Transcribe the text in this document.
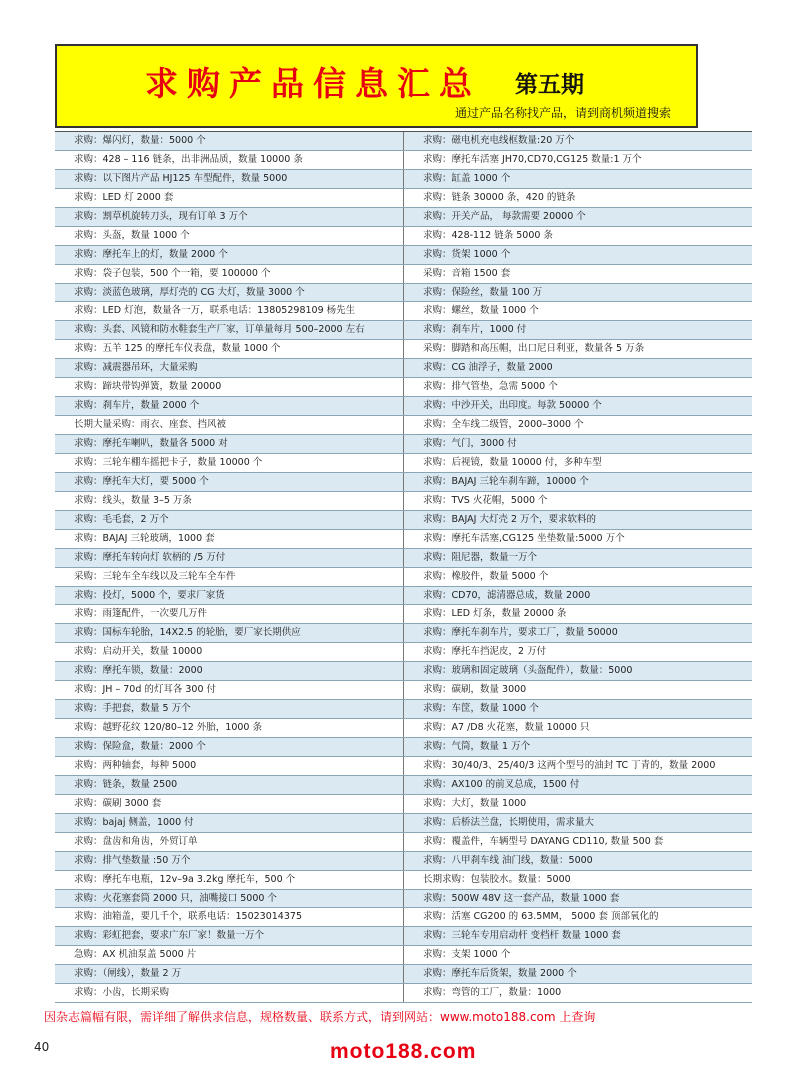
求购产品信息汇总 第五期
通过产品名称找产品，请到商机频道搜索
求购：爆闪灯，数量：5000 个	求购：磁电机充电线框数量:20 万个
求购：428 – 116 链条，出非洲品质，数量 10000 条	求购：摩托车活塞 JH70,CD70,CG125 数量:1 万个
求购：以下图片产品 HJ125 车型配件，数量 5000	求购：缸盖 1000 个
求购：LED 灯 2000 套	求购：链条 30000 条，420 的链条
求购：割草机旋转刀头，现有订单 3 万个	求购：开关产品， 每款需要 20000 个
求购：头盔，数量 1000 个	求购：428-112 链条 5000 条
求购：摩托车上的灯，数量 2000 个	求购：货架 1000 个
求购：袋子包装，500 个一箱，要 100000 个	采购：音箱 1500 套
求购：淡蓝色玻璃，厚灯壳的 CG 大灯，数量 3000 个	求购：保险丝，数量 100 万
求购：LED 灯泡，数量各一万，联系电话：13805298109 杨先生	求购：螺丝，数量 1000 个
求购：头套、风镜和防水鞋套生产厂家，订单量每月 500–2000 左右	求购：刹车片，1000 付
求购：五羊 125 的摩托车仪表盘，数量 1000 个	采购：脚踏和高压帽，出口尼日利亚，数量各 5 万条
求购：减震器吊环，大量采购	求购：CG 油浮子，数量 2000
求购：蹄块带钩弹簧，数量 20000	求购：排气管垫，急需 5000 个
求购：刹车片，数量 2000 个	求购：中沙开关，出印度。每款 50000 个
长期大量采购：雨衣、座套、挡风被	求购：全车线二级管，2000–3000 个
求购：摩托车喇叭，数量各 5000 对	求购：气门，3000 付
求购：三轮车棚车摇把卡子，数量 10000 个	求购：后视镜，数量 10000 付，多种车型
求购：摩托车大灯，要 5000 个	求购：BAJAJ 三轮车刹车蹄，10000 个
求购：线头，数量 3–5 万条	求购：TVS 火花帽，5000 个
求购：毛毛套，2 万个	求购：BAJAJ 大灯壳 2 万个，要求软料的
求购：BAJAJ 三轮玻璃，1000 套	求购：摩托车活塞,CG125 坐垫数量:5000 万个
求购：摩托车转向灯 软柄的 /5 万付	求购：阻尼器，数量一万个
采购：三轮车全车线以及三轮车全车件	求购：橡胶件，数量 5000 个
求购：投灯，5000 个，要求厂家货	求购：CD70，滤清器总成，数量 2000
求购：雨篷配件，一次要几万件	求购：LED 灯条，数量 20000 条
求购：国标车轮胎，14X2.5 的轮胎，要厂家长期供应	求购：摩托车刹车片，要求工厂，数量 50000
求购：启动开关，数量 10000	求购：摩托车挡泥皮，2 万付
求购：摩托车锁，数量：2000	求购：玻璃和固定玻璃（头盔配件），数量：5000
求购：JH – 70d 的灯耳各 300 付	求购：碳刷，数量 3000
求购：手把套，数量 5 万个	求购：车筐，数量 1000 个
求购：越野花纹 120/80–12 外胎，1000 条	求购：A7 /D8 火花塞，数量 10000 只
求购：保险盒，数量：2000 个	求购：气筒，数量 1 万个
求购：两种轴套，每种 5000	求购：30/40/3、25/40/3 这两个型号的油封 TC 丁青的，数量 2000
求购：链条，数量 2500	求购：AX100 的前叉总成，1500 付
求购：碳刷 3000 套	求购：大灯，数量 1000
求购：bajaj 侧盖，1000 付	求购：后桥法兰盘，长期使用，需求量大
求购：盘齿和角齿，外贸订单	求购：覆盖件，车辆型号 DAYANG CD110, 数量 500 套
求购：排气垫数量 :50 万个	求购：八甲刹车线 油门线，数量：5000
求购：摩托车电瓶，12v–9a 3.2kg 摩托车，500 个	长期求购：包装胶水。数量：5000
求购：火花塞套筒 2000 只，油嘴接口 5000 个	求购：500W 48V 这一套产品，数量 1000 套
求购：油箱盖，要几千个，联系电话：15023014375	求购：活塞 CG200 的 63.5MM， 5000 套 顶部氧化的
求购：彩虹把套，要求广东厂家！数量一万个	求购：三轮车专用启动杆 变档杆 数量 1000 套
急购：AX 机油泵盖 5000 片	求购：支架 1000 个
求购：（闸线），数量 2 万	求购：摩托车后货架，数量 2000 个
求购：小齿，长期采购	求购：弯管的工厂，数量：1000
因杂志篇幅有限，需详细了解供求信息，规格数量、联系方式，请到网站：www.moto188.com 上查询
40	moto188.com
